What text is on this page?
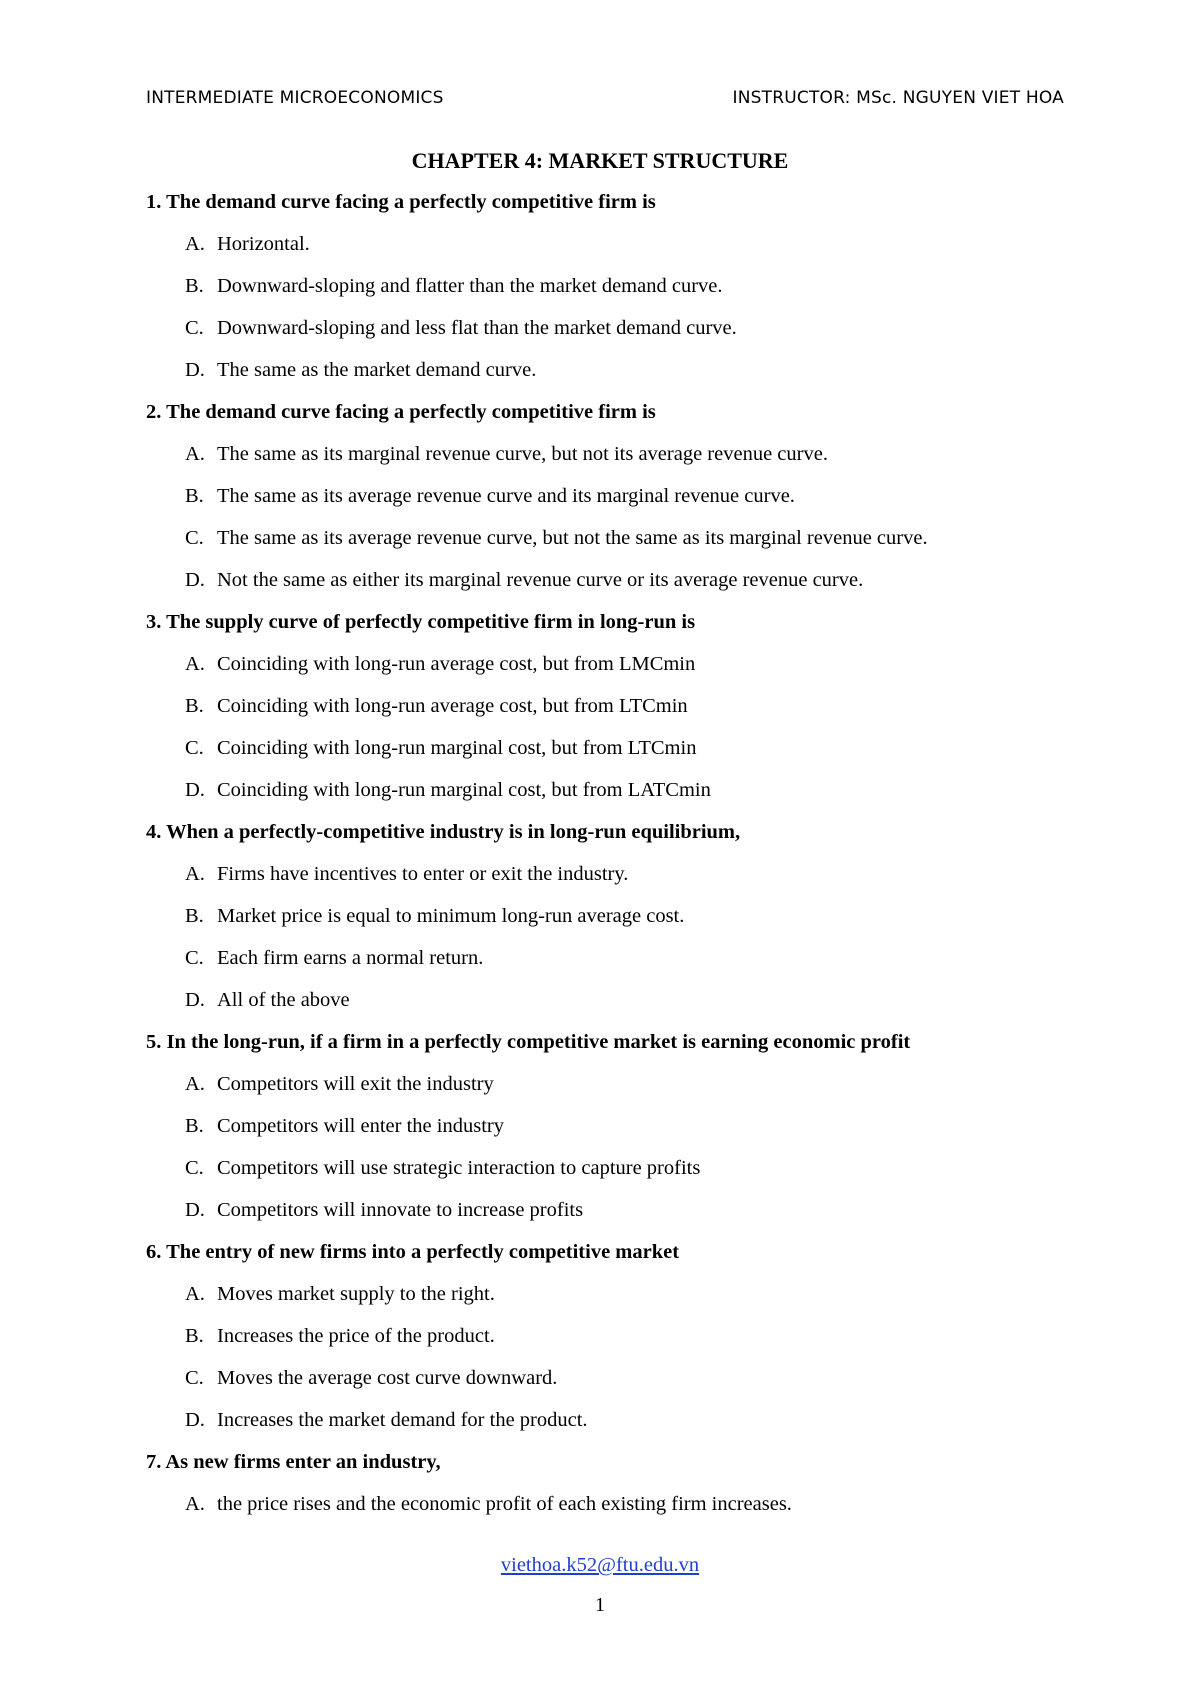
INTERMEDIATE MICROECONOMICS	INSTRUCTOR: MSc. NGUYEN VIET HOA
CHAPTER 4: MARKET STRUCTURE
1. The demand curve facing a perfectly competitive firm is
A. Horizontal.
B. Downward-sloping and flatter than the market demand curve.
C. Downward-sloping and less flat than the market demand curve.
D. The same as the market demand curve.
2. The demand curve facing a perfectly competitive firm is
A. The same as its marginal revenue curve, but not its average revenue curve.
B. The same as its average revenue curve and its marginal revenue curve.
C. The same as its average revenue curve, but not the same as its marginal revenue curve.
D. Not the same as either its marginal revenue curve or its average revenue curve.
3. The supply curve of perfectly competitive firm in long-run is
A. Coinciding with long-run average cost, but from LMCmin
B. Coinciding with long-run average cost, but from LTCmin
C. Coinciding with long-run marginal cost, but from LTCmin
D. Coinciding with long-run marginal cost, but from LATCmin
4. When a perfectly-competitive industry is in long-run equilibrium,
A. Firms have incentives to enter or exit the industry.
B. Market price is equal to minimum long-run average cost.
C. Each firm earns a normal return.
D. All of the above
5. In the long-run, if a firm in a perfectly competitive market is earning economic profit
A. Competitors will exit the industry
B. Competitors will enter the industry
C. Competitors will use strategic interaction to capture profits
D. Competitors will innovate to increase profits
6. The entry of new firms into a perfectly competitive market
A. Moves market supply to the right.
B. Increases the price of the product.
C. Moves the average cost curve downward.
D. Increases the market demand for the product.
7. As new firms enter an industry,
A. the price rises and the economic profit of each existing firm increases.
viethoa.k52@ftu.edu.vn
1
